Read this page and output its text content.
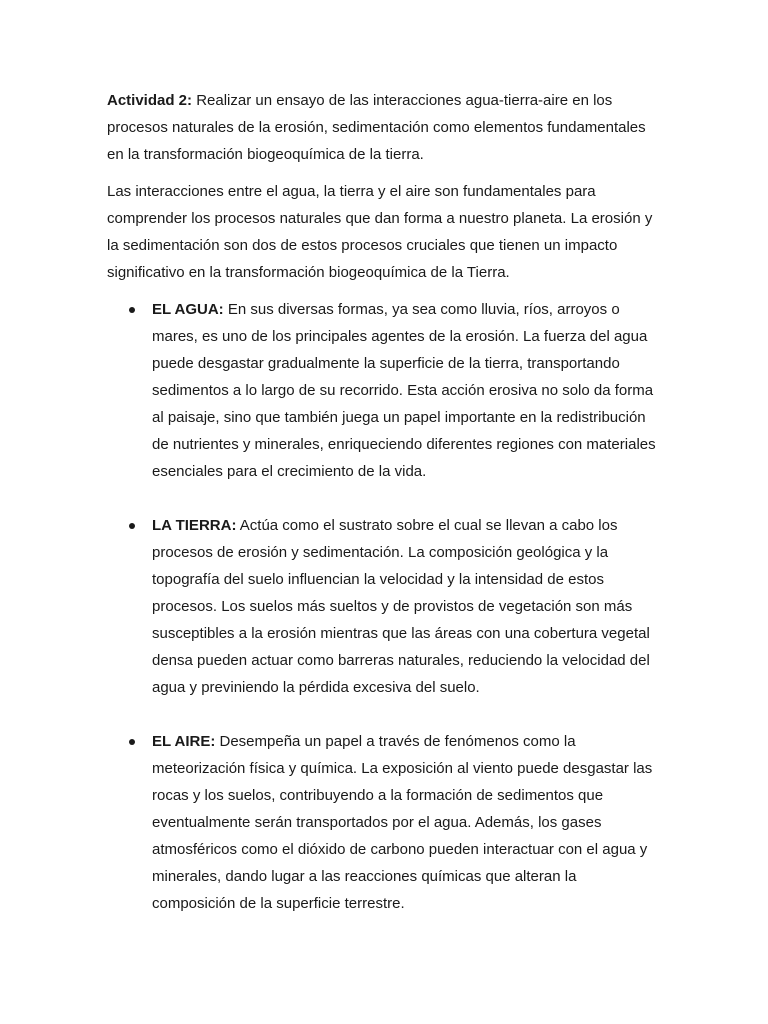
Actividad 2: Realizar un ensayo de las interacciones agua-tierra-aire en los procesos naturales de la erosión, sedimentación como elementos fundamentales en la transformación biogeoquímica de la tierra.

Las interacciones entre el agua, la tierra y el aire son fundamentales para comprender los procesos naturales que dan forma a nuestro planeta. La erosión y la sedimentación son dos de estos procesos cruciales que tienen un impacto significativo en la transformación biogeoquímica de la Tierra.

EL AGUA: En sus diversas formas, ya sea como lluvia, ríos, arroyos o mares, es uno de los principales agentes de la erosión. La fuerza del agua puede desgastar gradualmente la superficie de la tierra, transportando sedimentos a lo largo de su recorrido. Esta acción erosiva no solo da forma al paisaje, sino que también juega un papel importante en la redistribución de nutrientes y minerales, enriqueciendo diferentes regiones con materiales esenciales para el crecimiento de la vida.
LA TIERRA: Actúa como el sustrato sobre el cual se llevan a cabo los procesos de erosión y sedimentación. La composición geológica y la topografía del suelo influencian la velocidad y la intensidad de estos procesos. Los suelos más sueltos y de provistos de vegetación son más susceptibles a la erosión mientras que las áreas con una cobertura vegetal densa pueden actuar como barreras naturales, reduciendo la velocidad del agua y previniendo la pérdida excesiva del suelo.
EL AIRE: Desempeña un papel a través de fenómenos como la meteorización física y química. La exposición al viento puede desgastar las rocas y los suelos, contribuyendo a la formación de sedimentos que eventualmente serán transportados por el agua. Además, los gases atmosféricos como el dióxido de carbono pueden interactuar con el agua y minerales, dando lugar a las reacciones químicas que alteran la composición de la superficie terrestre.
